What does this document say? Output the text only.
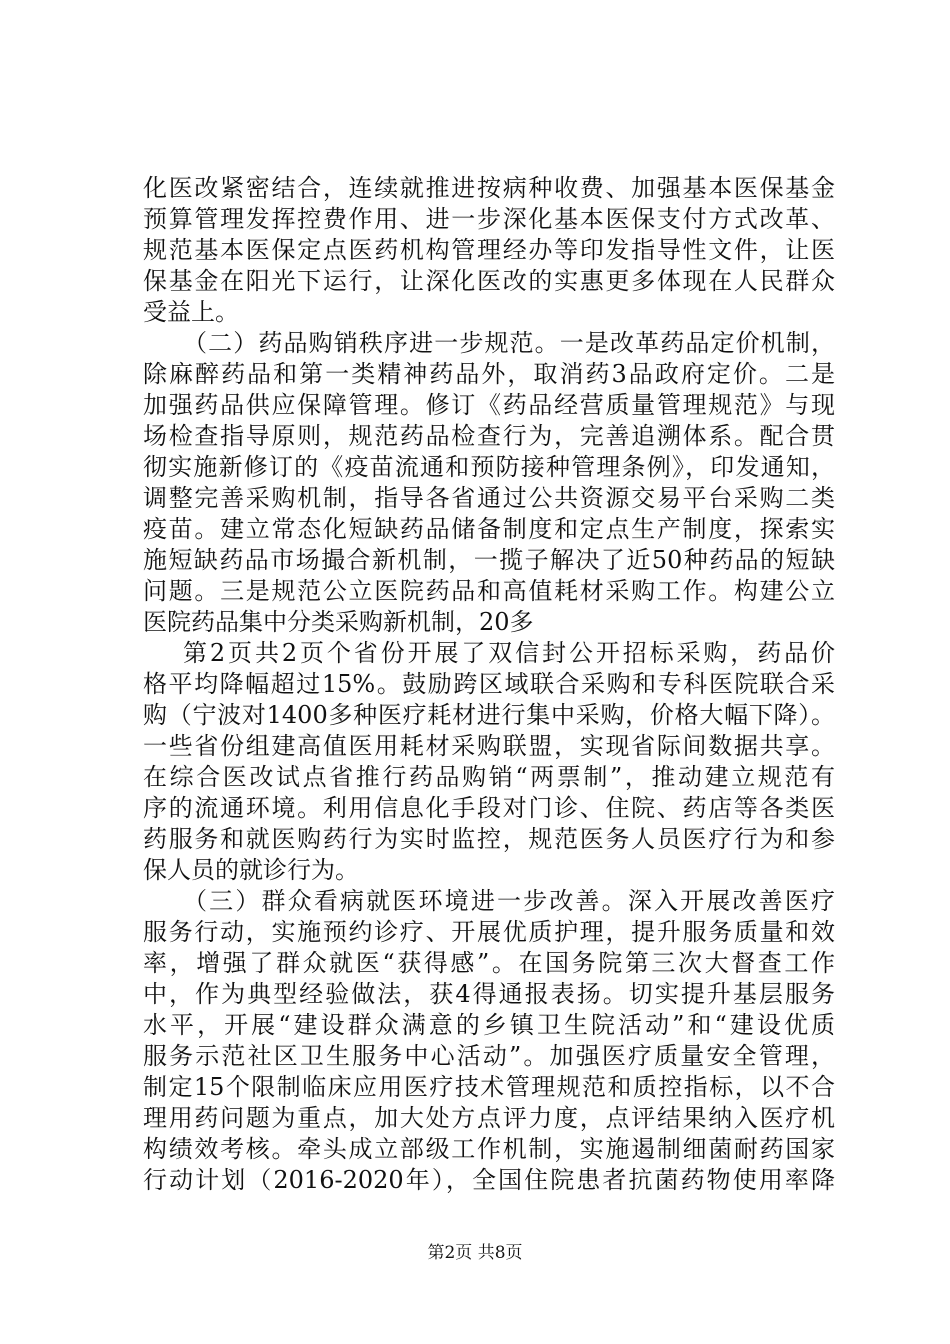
化医改紧密结合，连续就推进按病种收费、加强基本医保基金
预算管理发挥控费作用、进一步深化基本医保支付方式改革、
规范基本医保定点医药机构管理经办等印发指导性文件，让医
保基金在阳光下运行，让深化医改的实惠更多体现在人民群众
受益上。
（二）药品购销秩序进一步规范。一是改革药品定价机制，
除麻醉药品和第一类精神药品外，取消药3品政府定价。二是
加强药品供应保障管理。修订《药品经营质量管理规范》与现
场检查指导原则，规范药品检查行为，完善追溯体系。配合贯
彻实施新修订的《疫苗流通和预防接种管理条例》，印发通知，
调整完善采购机制，指导各省通过公共资源交易平台采购二类
疫苗。建立常态化短缺药品储备制度和定点生产制度，探索实
施短缺药品市场撮合新机制，一揽子解决了近50种药品的短缺
问题。三是规范公立医院药品和高值耗材采购工作。构建公立
医院药品集中分类采购新机制，20多
第2页共2页个省份开展了双信封公开招标采购，药品价
格平均降幅超过15%。鼓励跨区域联合采购和专科医院联合采
购（宁波对1400多种医疗耗材进行集中采购，价格大幅下降）。
一些省份组建高值医用耗材采购联盟，实现省际间数据共享。
在综合医改试点省推行药品购销“两票制”，推动建立规范有
序的流通环境。利用信息化手段对门诊、住院、药店等各类医
药服务和就医购药行为实时监控，规范医务人员医疗行为和参
保人员的就诊行为。
（三）群众看病就医环境进一步改善。深入开展改善医疗
服务行动，实施预约诊疗、开展优质护理，提升服务质量和效
率，增强了群众就医“获得感”。在国务院第三次大督查工作
中，作为典型经验做法，获4得通报表扬。切实提升基层服务
水平，开展“建设群众满意的乡镇卫生院活动”和“建设优质
服务示范社区卫生服务中心活动”。加强医疗质量安全管理，
制定15个限制临床应用医疗技术管理规范和质控指标，以不合
理用药问题为重点，加大处方点评力度，点评结果纳入医疗机
构绩效考核。牵头成立部级工作机制，实施遏制细菌耐药国家
行动计划（2016-2020年），全国住院患者抗菌药物使用率降
第2页 共8页
